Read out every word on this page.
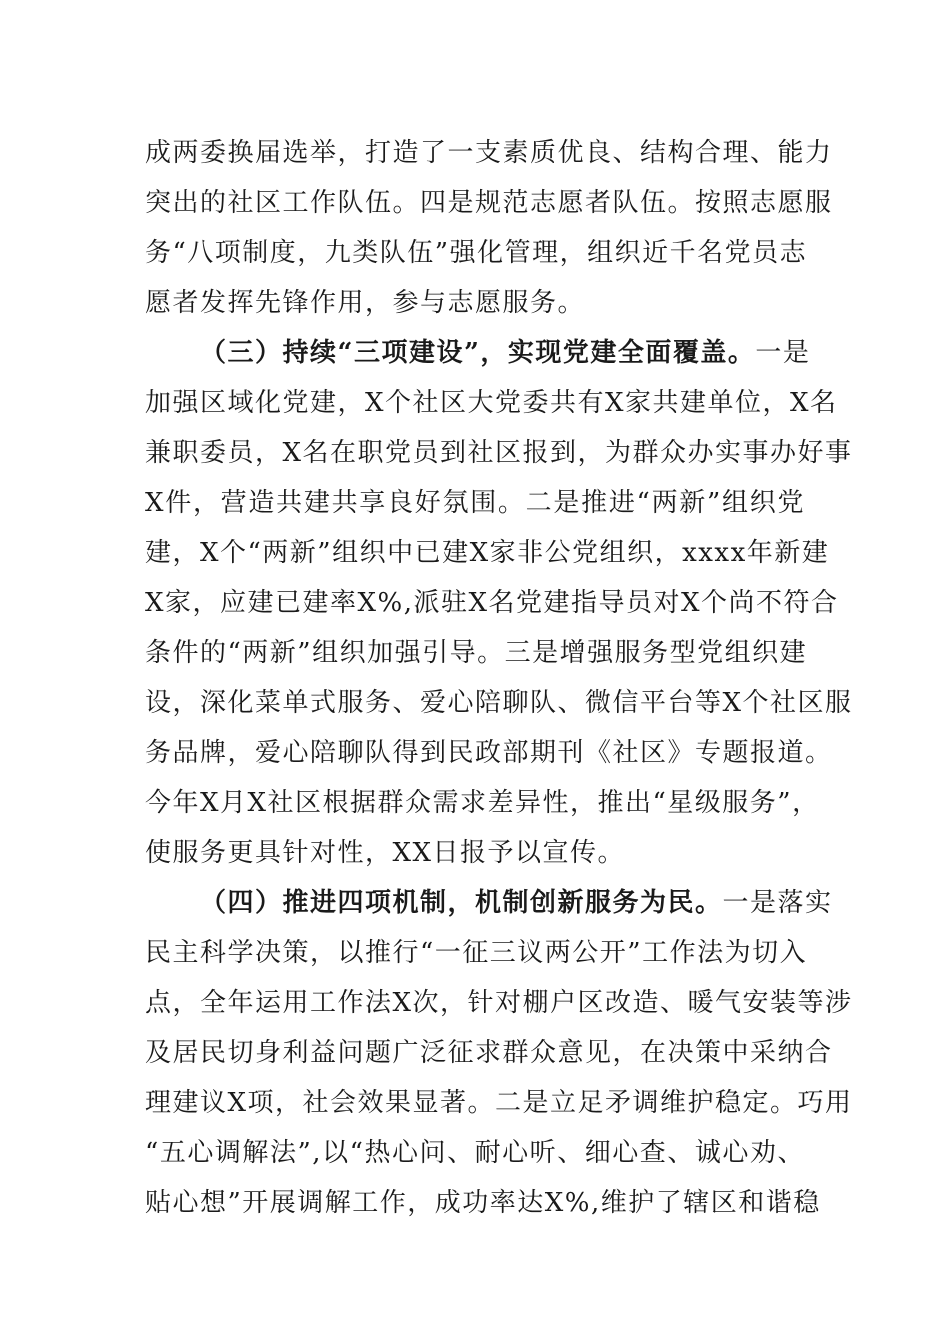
成两委换届选举，打造了一支素质优良、结构合理、能力
突出的社区工作队伍。四是规范志愿者队伍。按照志愿服
务“八项制度，九类队伍”强化管理，组织近千名党员志
愿者发挥先锋作用，参与志愿服务。
（三）持续“三项建设”，实现党建全面覆盖。一是
加强区域化党建，X个社区大党委共有X家共建单位，X名
兼职委员，X名在职党员到社区报到，为群众办实事办好事
X件，营造共建共享良好氛围。二是推进“两新”组织党
建，X个“两新”组织中已建X家非公党组织，xxxx年新建
X家，应建已建率X%,派驻X名党建指导员对X个尚不符合
条件的“两新”组织加强引导。三是增强服务型党组织建
设，深化菜单式服务、爱心陪聊队、微信平台等X个社区服
务品牌，爱心陪聊队得到民政部期刊《社区》专题报道。
今年X月X社区根据群众需求差异性，推出“星级服务”，
使服务更具针对性，XX日报予以宣传。
（四）推进四项机制，机制创新服务为民。一是落实
民主科学决策，以推行“一征三议两公开”工作法为切入
点，全年运用工作法X次，针对棚户区改造、暖气安装等涉
及居民切身利益问题广泛征求群众意见，在决策中采纳合
理建议X项，社会效果显著。二是立足矛调维护稳定。巧用
“五心调解法”,以“热心问、耐心听、细心查、诚心劝、
贴心想”开展调解工作，成功率达X%,维护了辖区和谐稳
